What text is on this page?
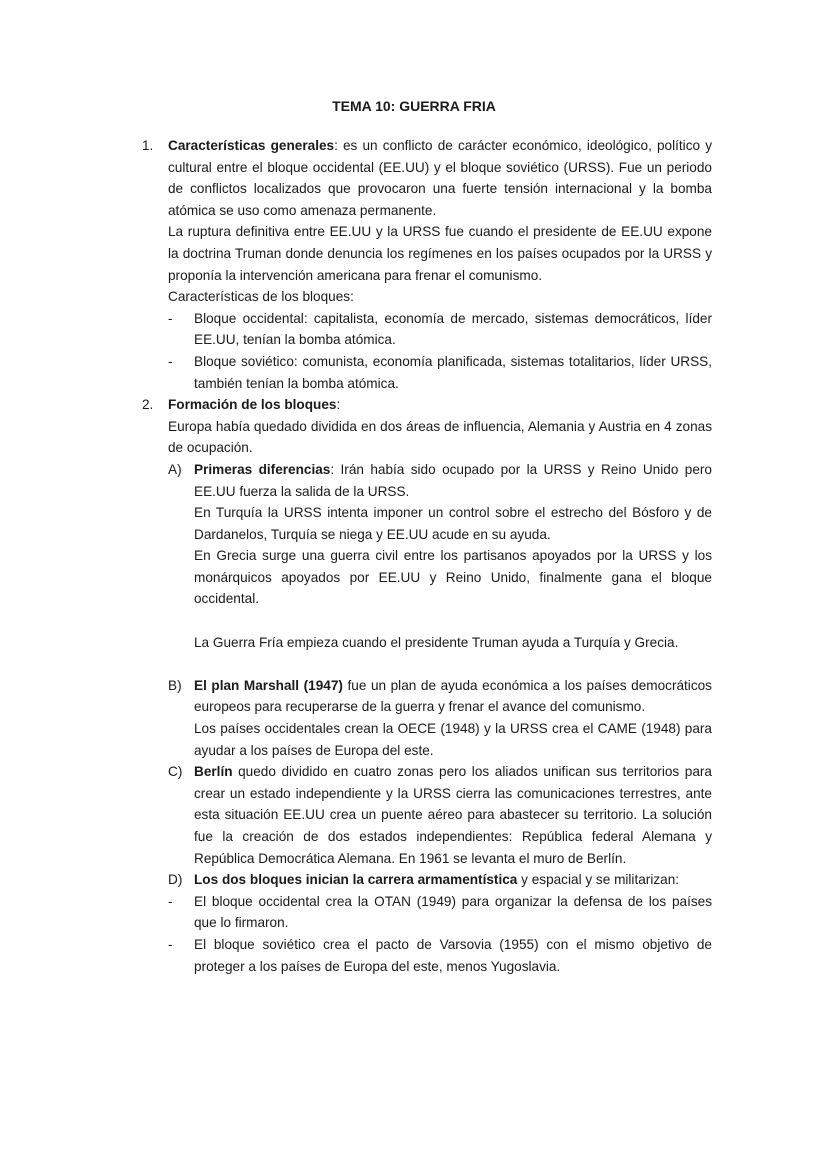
TEMA 10: GUERRA FRIA
1. Características generales: es un conflicto de carácter económico, ideológico, político y cultural entre el bloque occidental (EE.UU) y el bloque soviético (URSS). Fue un periodo de conflictos localizados que provocaron una fuerte tensión internacional y la bomba atómica se uso como amenaza permanente.

La ruptura definitiva entre EE.UU y la URSS fue cuando el presidente de EE.UU expone la doctrina Truman donde denuncia los regímenes en los países ocupados por la URSS y proponía la intervención americana para frenar el comunismo.

Características de los bloques:

- Bloque occidental: capitalista, economía de mercado, sistemas democráticos, líder EE.UU, tenían la bomba atómica.
- Bloque soviético: comunista, economía planificada, sistemas totalitarios, líder URSS, también tenían la bomba atómica.
2. Formación de los bloques:

Europa había quedado dividida en dos áreas de influencia, Alemania y Austria en 4 zonas de ocupación.

A) Primeras diferencias: Irán había sido ocupado por la URSS y Reino Unido pero EE.UU fuerza la salida de la URSS.

En Turquía la URSS intenta imponer un control sobre el estrecho del Bósforo y de Dardanelos, Turquía se niega y EE.UU acude en su ayuda.

En Grecia surge una guerra civil entre los partisanos apoyados por la URSS y los monárquicos apoyados por EE.UU y Reino Unido, finalmente gana el bloque occidental.

La Guerra Fría empieza cuando el presidente Truman ayuda a Turquía y Grecia.

B) El plan Marshall (1947) fue un plan de ayuda económica a los países democráticos europeos para recuperarse de la guerra y frenar el avance del comunismo.

Los países occidentales crean la OECE (1948) y la URSS crea el CAME (1948) para ayudar a los países de Europa del este.

C) Berlín quedo dividido en cuatro zonas pero los aliados unifican sus territorios para crear un estado independiente y la URSS cierra las comunicaciones terrestres, ante esta situación EE.UU crea un puente aéreo para abastecer su territorio. La solución fue la creación de dos estados independientes: República federal Alemana y República Democrática Alemana. En 1961 se levanta el muro de Berlín.

D) Los dos bloques inician la carrera armamentística y espacial y se militarizan:

- El bloque occidental crea la OTAN (1949) para organizar la defensa de los países que lo firmaron.
- El bloque soviético crea el pacto de Varsovia (1955) con el mismo objetivo de proteger a los países de Europa del este, menos Yugoslavia.
